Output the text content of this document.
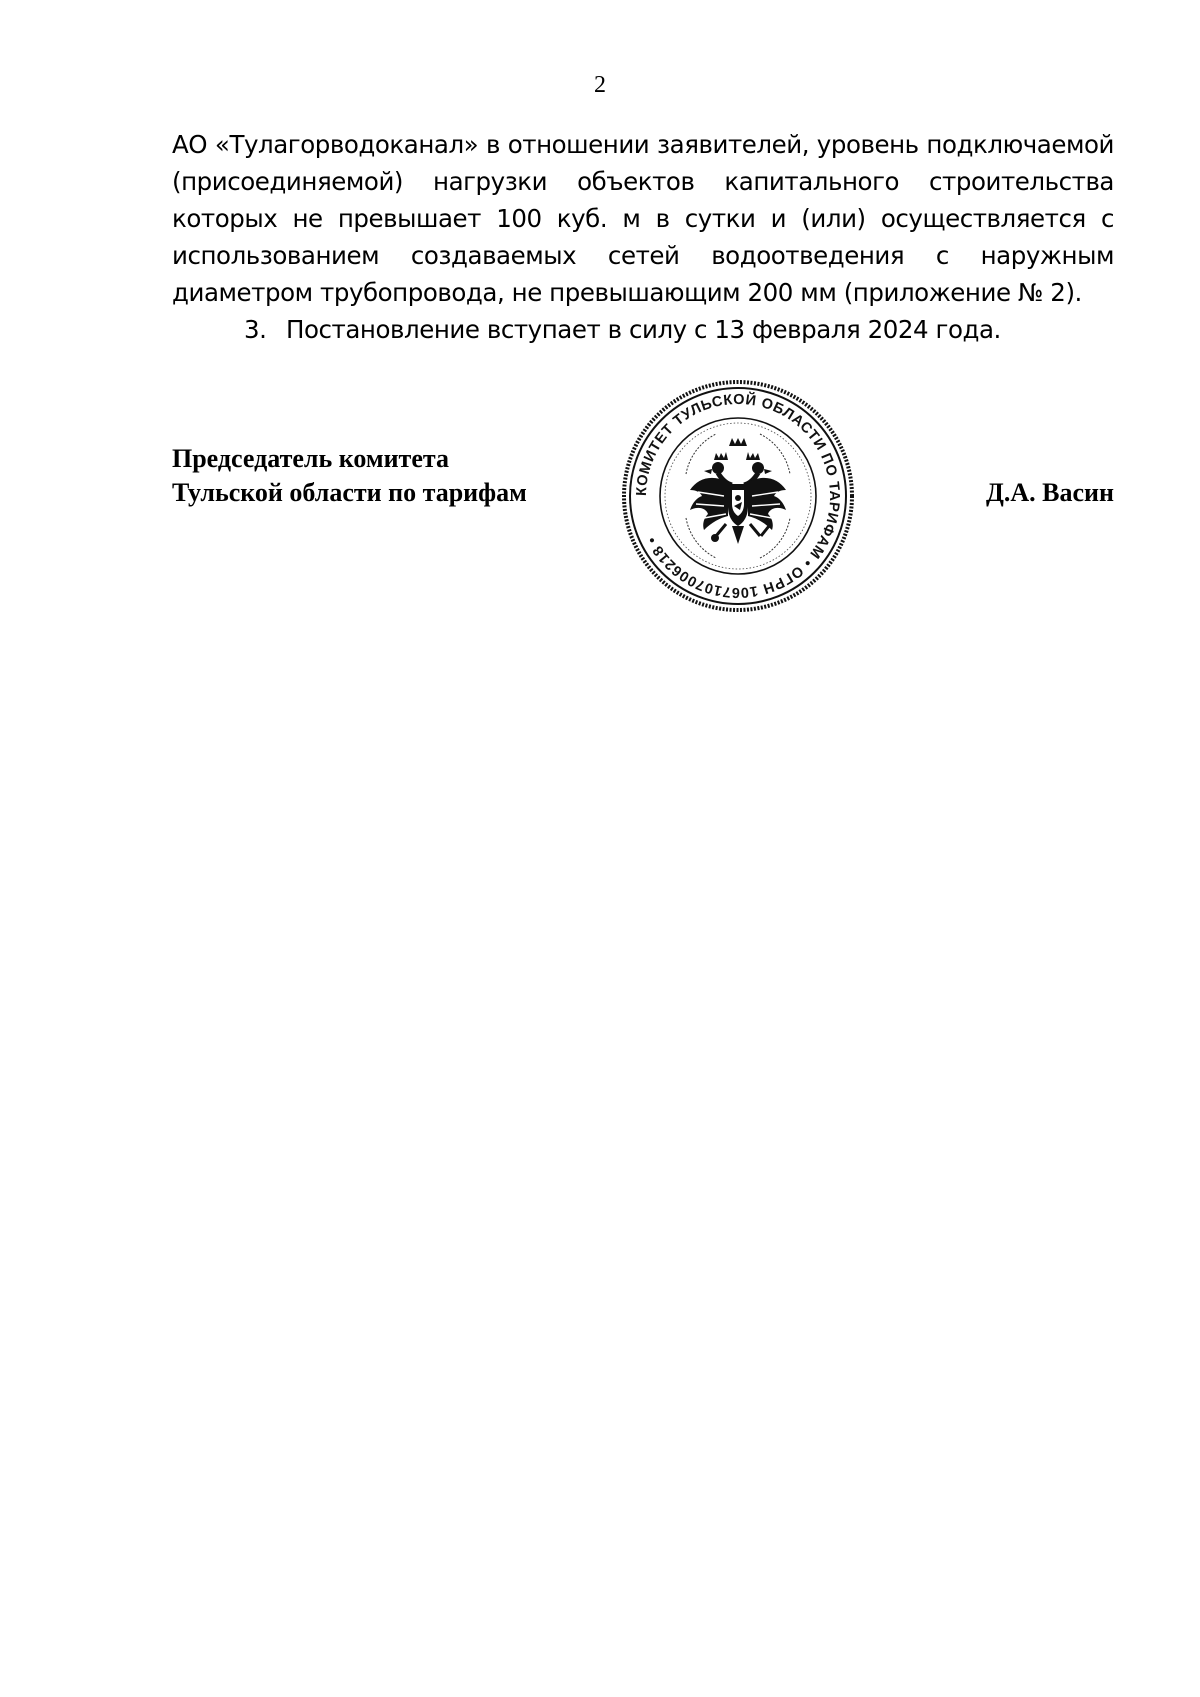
2

АО «Тулагорводоканал» в отношении заявителей, уровень подключаемой (присоединяемой) нагрузки объектов капитального строительства которых не превышает 100 куб. м в сутки и (или) осуществляется с использованием создаваемых сетей водоотведения с наружным диаметром трубопровода, не превышающим 200 мм (приложение № 2).

3. Постановление вступает в силу с 13 февраля 2024 года.

Председатель комитета
Тульской области по тарифам	Д.А. Васин
КОМИТЕТ ТУЛЬСКОЙ ОБЛАСТИ ПО ТАРИФАМ • ОГРН 1067107006218 •
